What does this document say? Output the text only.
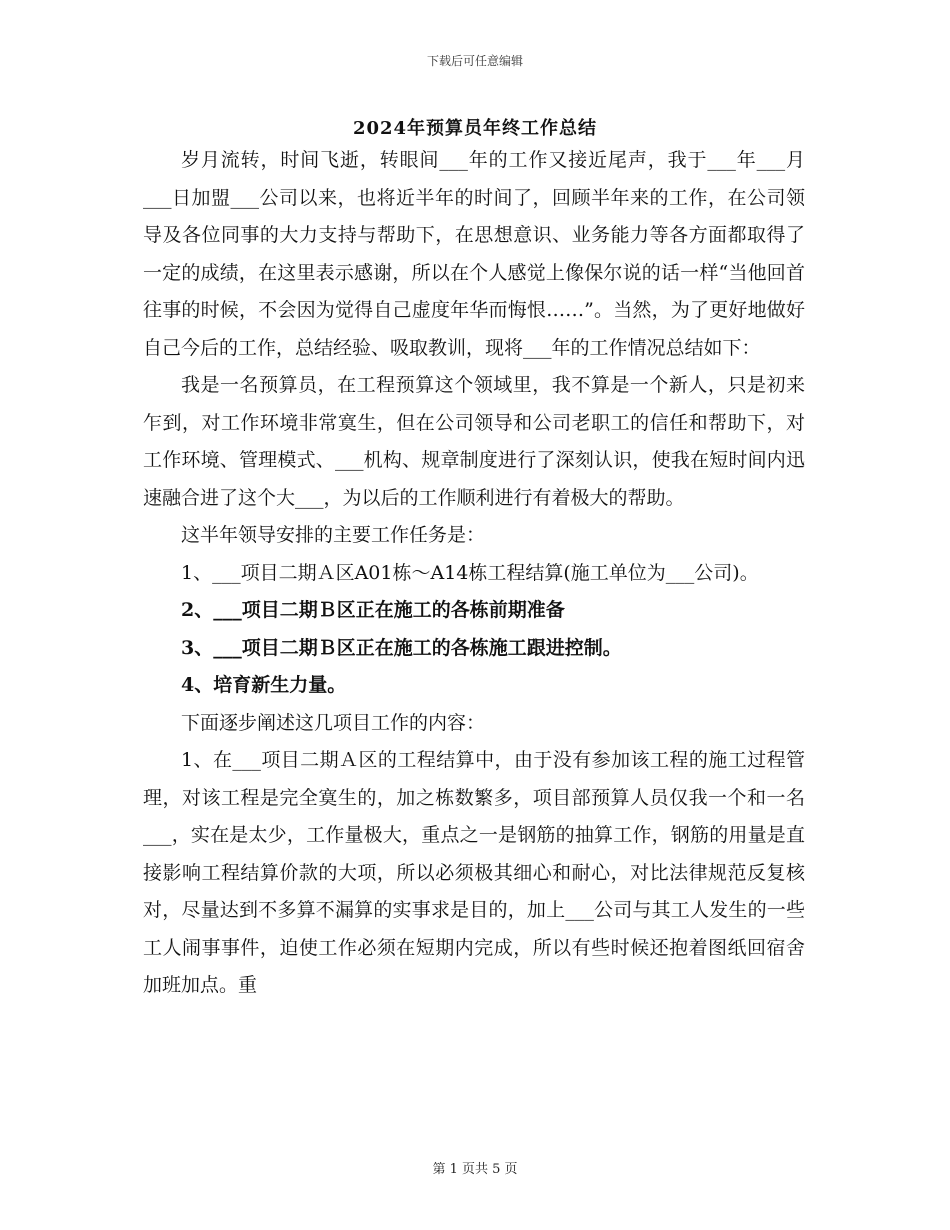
下载后可任意编辑
2024年预算员年终工作总结

岁月流转，时间飞逝，转眼间___年的工作又接近尾声，我于___年___月___日加盟___公司以来，也将近半年的时间了，回顾半年来的工作，在公司领导及各位同事的大力支持与帮助下，在思想意识、业务能力等各方面都取得了一定的成绩，在这里表示感谢，所以在个人感觉上像保尔说的话一样“当他回首往事的时候，不会因为觉得自己虚度年华而悔恨……”。当然，为了更好地做好自己今后的工作，总结经验、吸取教训，现将___年的工作情况总结如下：

我是一名预算员，在工程预算这个领域里，我不算是一个新人，只是初来乍到，对工作环境非常寞生，但在公司领导和公司老职工的信任和帮助下，对工作环境、管理模式、___机构、规章制度进行了深刻认识，使我在短时间内迅速融合进了这个大___，为以后的工作顺利进行有着极大的帮助。

这半年领导安排的主要工作任务是：

1、___项目二期Ａ区A01栋～A14栋工程结算(施工单位为___公司)。

2、___项目二期Ｂ区正在施工的各栋前期准备

3、___项目二期Ｂ区正在施工的各栋施工跟进控制。

4、培育新生力量。

下面逐步阐述这几项目工作的内容：

1、在___项目二期Ａ区的工程结算中，由于没有参加该工程的施工过程管理，对该工程是完全寞生的，加之栋数繁多，项目部预算人员仅我一个和一名___，实在是太少，工作量极大，重点之一是钢筋的抽算工作，钢筋的用量是直接影响工程结算价款的大项，所以必须极其细心和耐心，对比法律规范反复核对，尽量达到不多算不漏算的实事求是目的，加上___公司与其工人发生的一些工人闹事事件，迫使工作必须在短期内完成，所以有些时候还抱着图纸回宿舍加班加点。重

第 1 页共 5 页
